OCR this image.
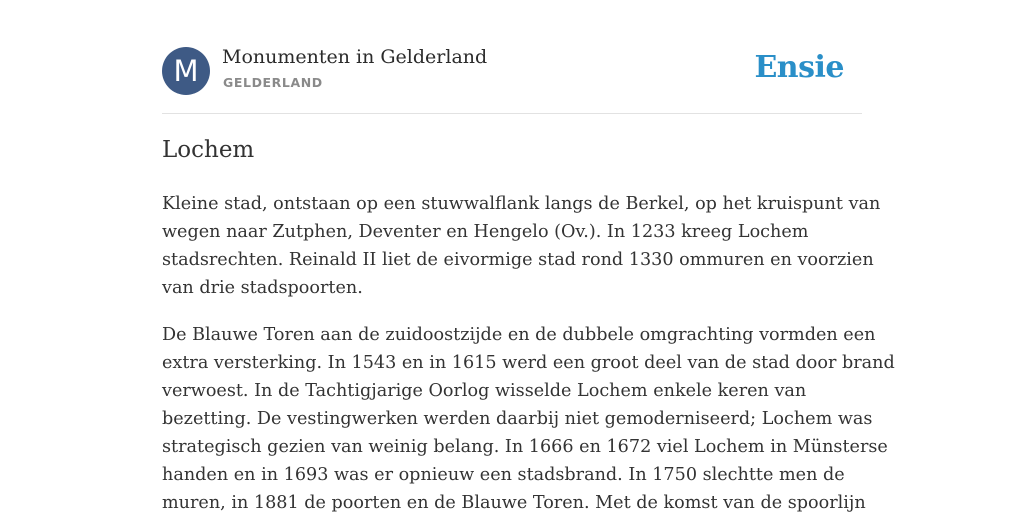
M	Monumenten in Gelderland
GELDERLAND	Ensie
Lochem

Kleine stad, ontstaan op een stuwwalflank langs de Berkel, op het kruispunt van
wegen naar Zutphen, Deventer en Hengelo (Ov.). In 1233 kreeg Lochem
stadsrechten. Reinald II liet de eivormige stad rond 1330 ommuren en voorzien
van drie stadspoorten.

De Blauwe Toren aan de zuidoostzijde en de dubbele omgrachting vormden een
extra versterking. In 1543 en in 1615 werd een groot deel van de stad door brand
verwoest. In de Tachtigjarige Oorlog wisselde Lochem enkele keren van
bezetting. De vestingwerken werden daarbij niet gemoderniseerd; Lochem was
strategisch gezien van weinig belang. In 1666 en 1672 viel Lochem in Münsterse
handen en in 1693 was er opnieuw een stadsbrand. In 1750 slechtte men de
muren, in 1881 de poorten en de Blauwe Toren. Met de komst van de spoorlijn
